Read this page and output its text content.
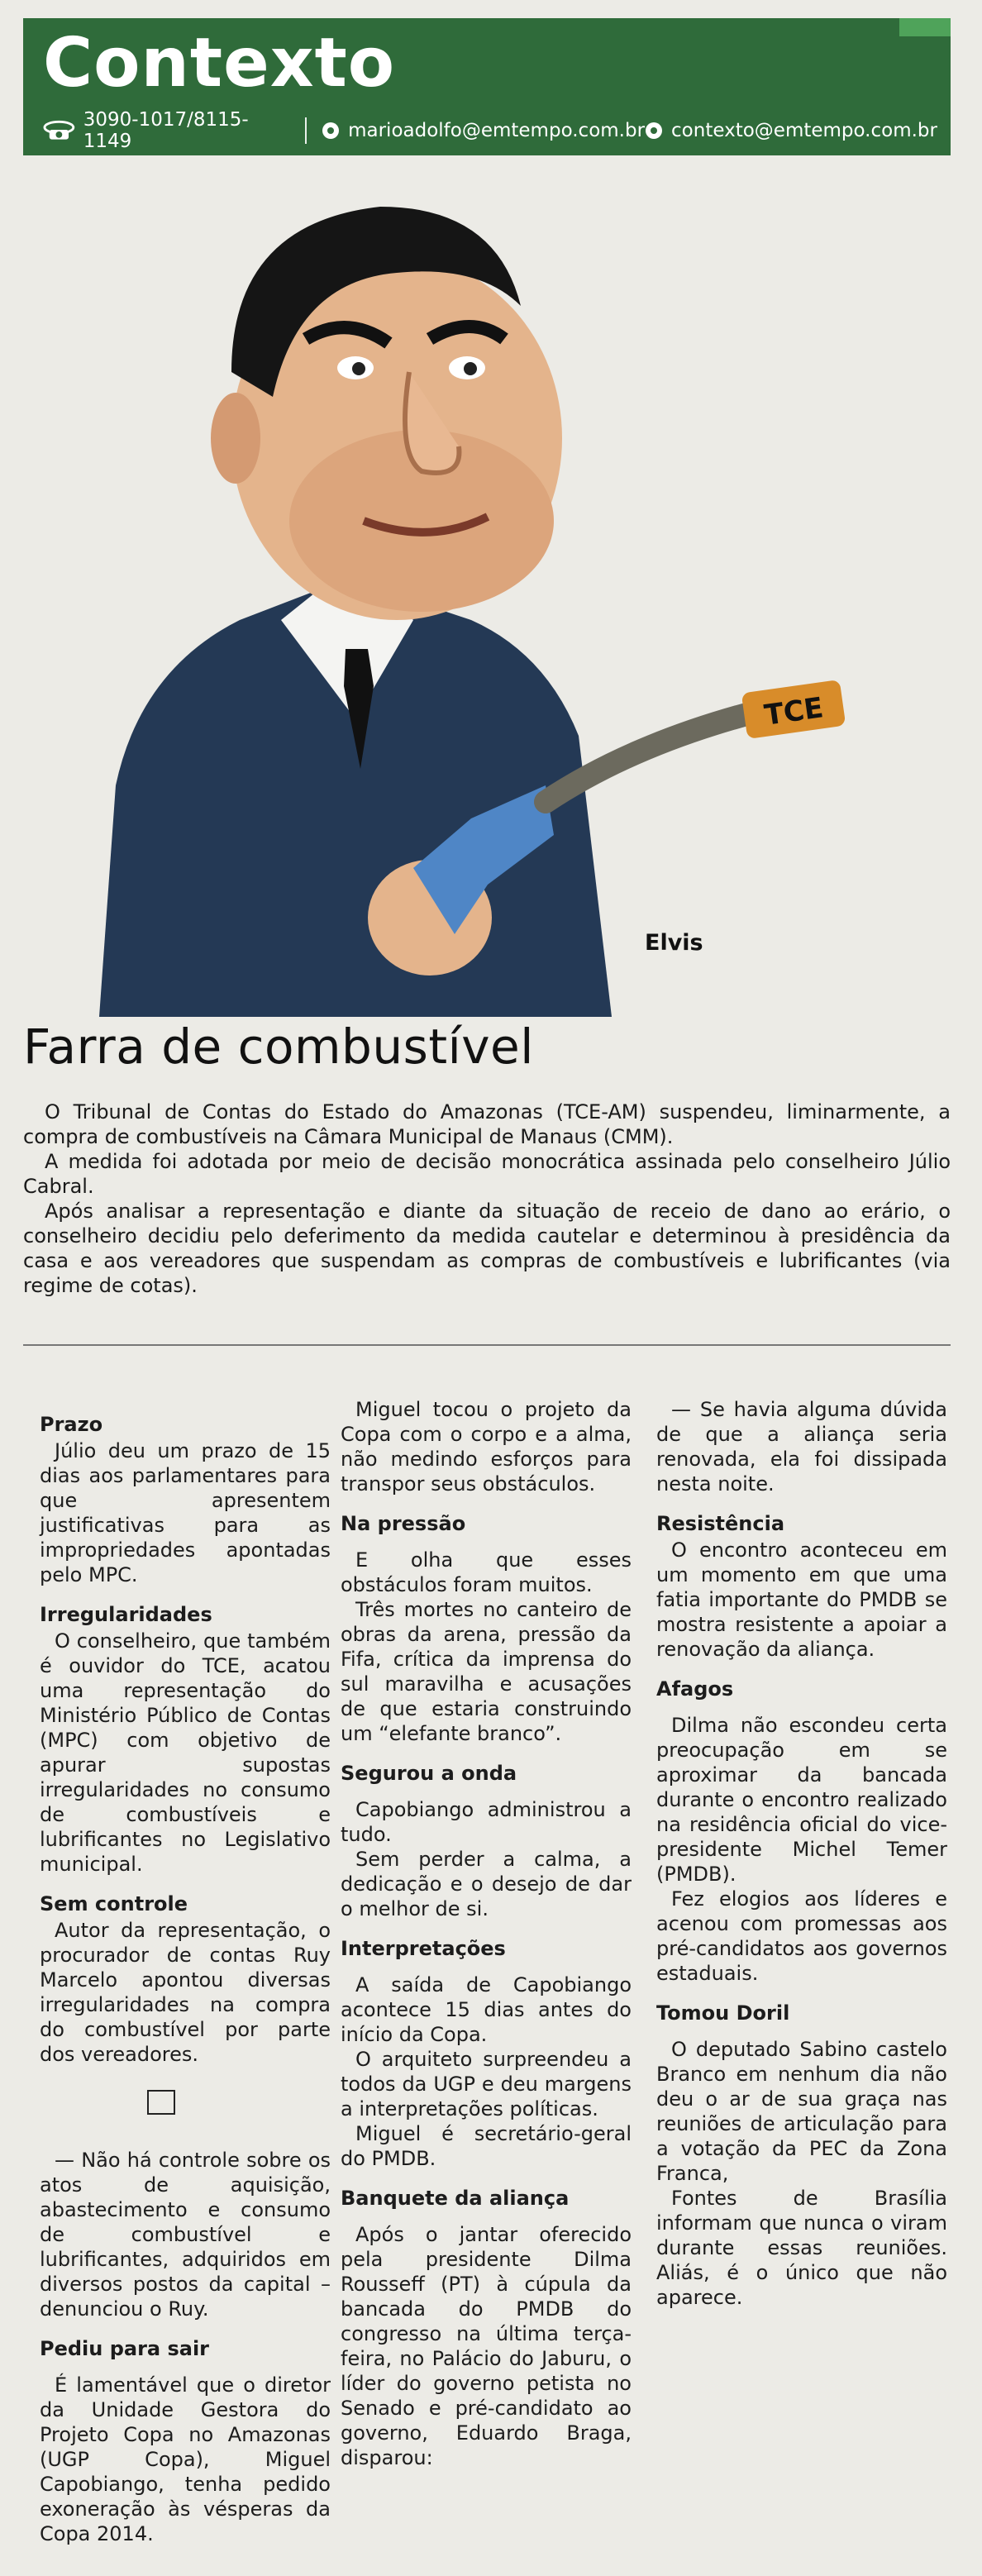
Contexto
3090-1017/8115-1149	marioadolfo@emtempo.com.br contexto@emtempo.com.br
TCE
Elvis
Farra de combustível

O Tribunal de Contas do Estado do Amazonas (TCE-AM) suspendeu, liminarmente, a compra de combustíveis na Câmara Municipal de Manaus (CMM).

A medida foi adotada por meio de decisão monocrática assinada pelo conselheiro Júlio Cabral.

Após analisar a representação e diante da situação de receio de dano ao erário, o conselheiro decidiu pelo deferimento da medida cautelar e determinou à presidência da casa e aos vereadores que suspendam as compras de combustíveis e lubrificantes (via regime de cotas).

Prazo

Júlio deu um prazo de 15 dias aos parlamentares para que apresentem justificativas para as impropriedades apontadas pelo MPC.

Irregularidades

O conselheiro, que também é ouvidor do TCE, acatou uma representação do Ministério Público de Contas (MPC) com objetivo de apurar supostas irregularidades no consumo de combustíveis e lubrificantes no Legislativo municipal.

Sem controle

Autor da representação, o procurador de contas Ruy Marcelo apontou diversas irregularidades na compra do combustível por parte dos vereadores.

— Não há controle sobre os atos de aquisição, abastecimento e consumo de combustível e lubrificantes, adquiridos em diversos postos da capital – denunciou o Ruy.

Pediu para sair

É lamentável que o diretor da Unidade Gestora do Projeto Copa no Amazonas (UGP Copa), Miguel Capobiango, tenha pedido exoneração às vésperas da Copa 2014.

Miguel tocou o projeto da Copa com o corpo e a alma, não medindo esforços para transpor seus obstáculos.

Na pressão

E olha que esses obstáculos foram muitos.

Três mortes no canteiro de obras da arena, pressão da Fifa, crítica da imprensa do sul maravilha e acusações de que estaria construindo um “elefante branco”.

Segurou a onda

Capobiango administrou a tudo.

Sem perder a calma, a dedicação e o desejo de dar o melhor de si.

Interpretações

A saída de Capobiango acontece 15 dias antes do início da Copa.

O arquiteto surpreendeu a todos da UGP e deu margens a interpretações políticas.

Miguel é secretário-geral do PMDB.

Banquete da aliança

Após o jantar oferecido pela presidente Dilma Rousseff (PT) à cúpula da bancada do PMDB do congresso na última terça-feira, no Palácio do Jaburu, o líder do governo petista no Senado e pré-candidato ao governo, Eduardo Braga, disparou:

— Se havia alguma dúvida de que a aliança seria renovada, ela foi dissipada nesta noite.

Resistência

O encontro aconteceu em um momento em que uma fatia importante do PMDB se mostra resistente a apoiar a renovação da aliança.

Afagos

Dilma não escondeu certa preocupação em se aproximar da bancada durante o encontro realizado na residência oficial do vice-presidente Michel Temer (PMDB).

Fez elogios aos líderes e acenou com promessas aos pré-candidatos aos governos estaduais.

Tomou Doril

O deputado Sabino castelo Branco em nenhum dia não deu o ar de sua graça nas reuniões de articulação para a votação da PEC da Zona Franca,

Fontes de Brasília informam que nunca o viram durante essas reuniões. Aliás, é o único que não aparece.
